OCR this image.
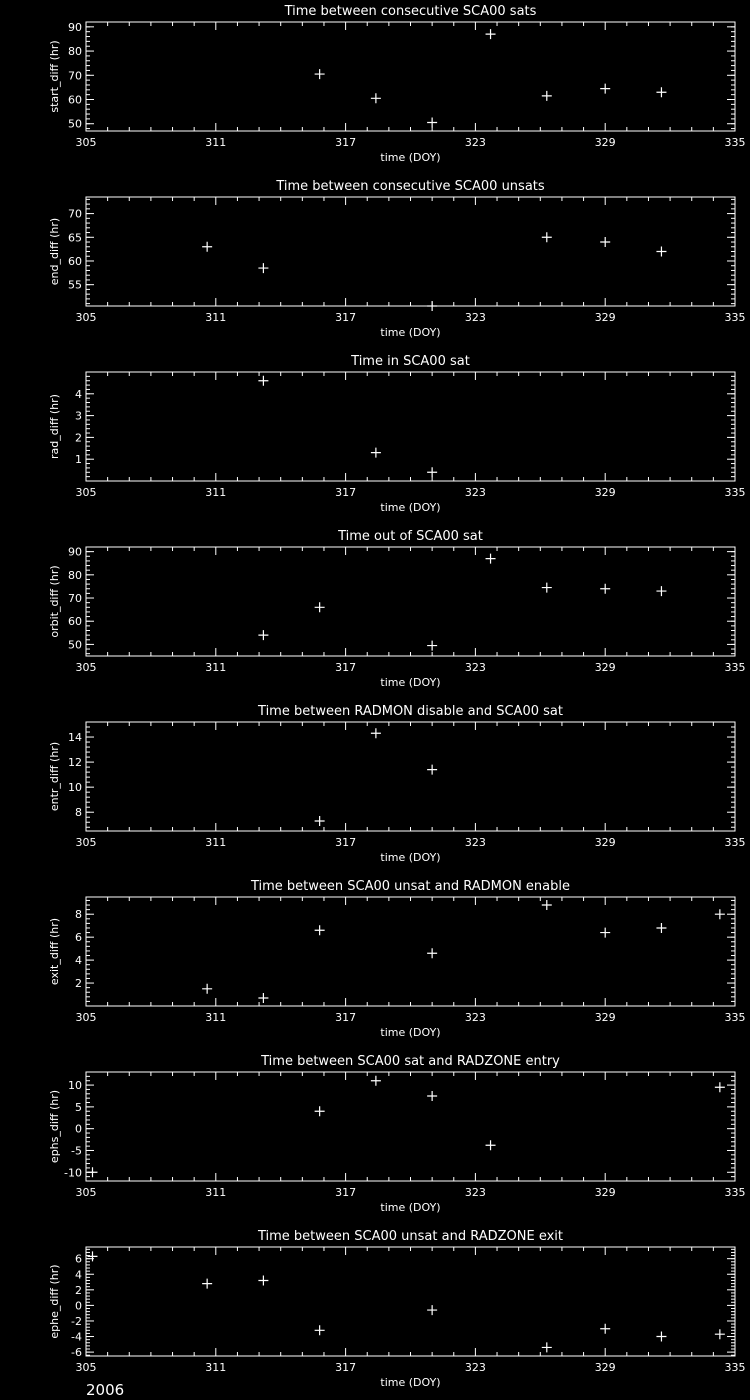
305	311	317	323	329	335
50
60
70
80
90
Time between consecutive SCA00 sats
time (DOY)
start_diff (hr)
305	311	317	323	329	335
55
60
65
70
Time between consecutive SCA00 unsats
time (DOY)
end_diff (hr)
305	311	317	323	329	335
1
2
3
4
Time in SCA00 sat
time (DOY)
rad_diff (hr)
305	311	317	323	329	335
50
60
70
80
90
Time out of SCA00 sat
time (DOY)
orbit_diff (hr)
305	311	317	323	329	335
8
10
12
14
Time between RADMON disable and SCA00 sat
time (DOY)
entr_diff (hr)
305	311	317	323	329	335
2
4
6
8
Time between SCA00 unsat and RADMON enable
time (DOY)
exit_diff (hr)
305	311	317	323	329	335
-10
-5
0
5
10
Time between SCA00 sat and RADZONE entry
time (DOY)
ephs_diff (hr)
305	311	317	323	329	335
-6
-4
-2
0
2
4
6
Time between SCA00 unsat and RADZONE exit
time (DOY)
ephe_diff (hr)
2006
